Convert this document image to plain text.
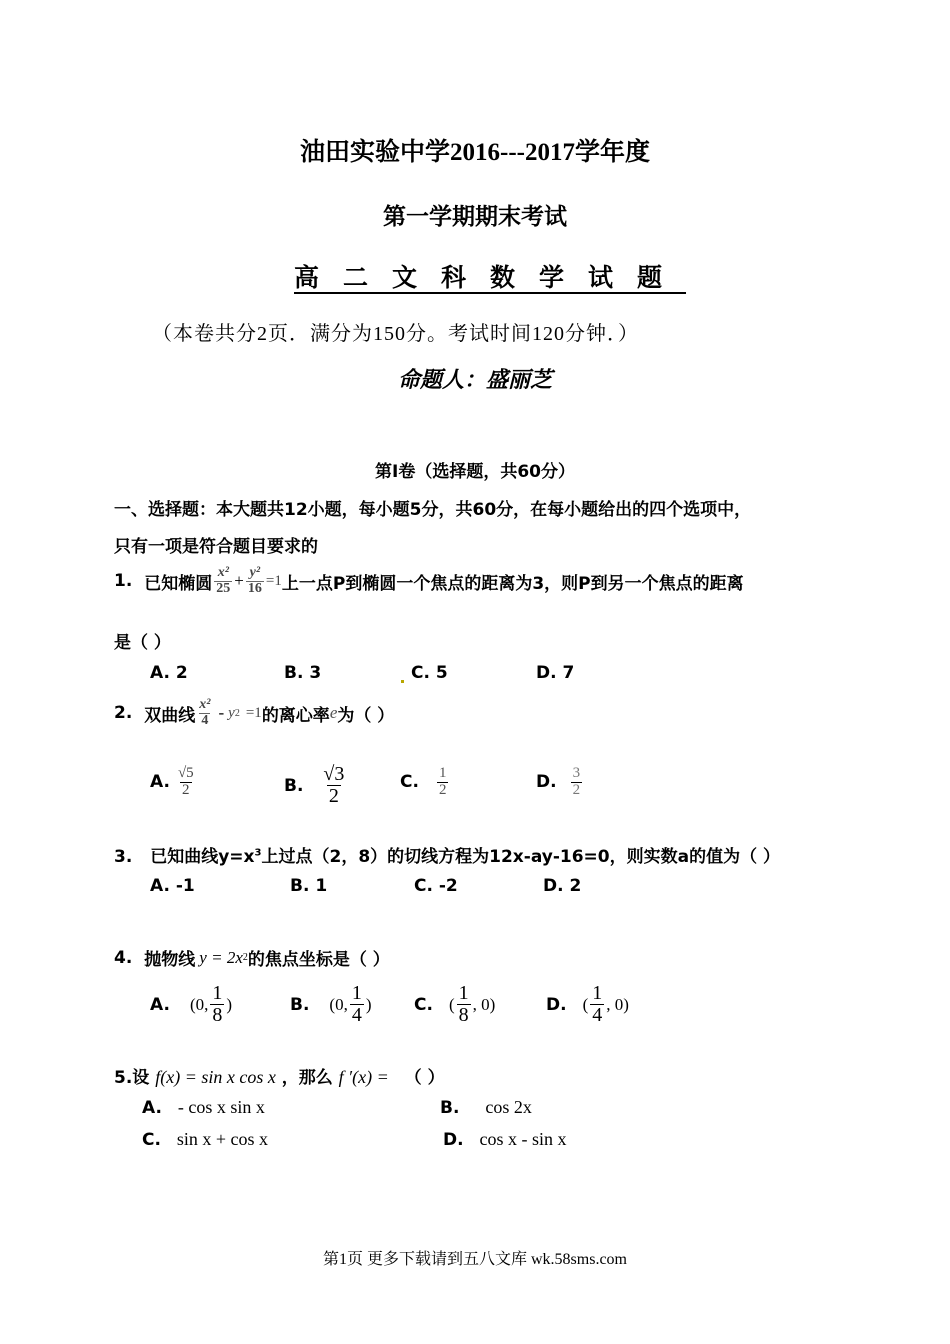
油田实验中学2016---2017学年度
第一学期期末考试
高二文科数学试题
（本卷共分2页．满分为150分。考试时间120分钟．）
命题人：盛丽芝
第Ⅰ卷（选择题，共60分）
一、选择题：本大题共12小题，每小题5分，共60分，在每小题给出的四个选项中，
只有一项是符合题目要求的
1. 已知椭圆 $\frac{\text{x²}}{25} + \frac{\text{y²}}{16} =1$ 上一点P到椭圆一个焦点的距离为3，则P到另一个焦点的距离
是（ ）
A. 2	B. 3	C. 5	D. 7
2. 双曲线 $\frac{\text{x²}}{4}$ - y 2 =1 的离心率 e 为（ ）
A. $\frac{√5}{2}$	B. $\frac{√3}{2}$	C. $\frac{1}{2}$	D. $\frac{3}{2}$
3. 已知曲线$y=x^3$上过点（2，8）的切线方程为12x-ay-16=0，则实数a的值为（ ）
A. -1	B. 1	C. -2	D. 2
4. 抛物线 y = 2x 2 的焦点坐标是（ ）
A. (0, $\frac{1}{8}$ )	B. (0, $\frac{1}{4}$ ) C. ( $\frac{1}{8}$ , 0)	D. ( $\frac{1}{4}$ , 0)
5.设 f(x) = sin x cos x ，那么 f ′(x) = （ ）
A. - cos x sin x	B. cos 2x
C. sin x + cos x	D. cos x - sin x
第1页 更多下载请到五八文库 wk.58sms.com
